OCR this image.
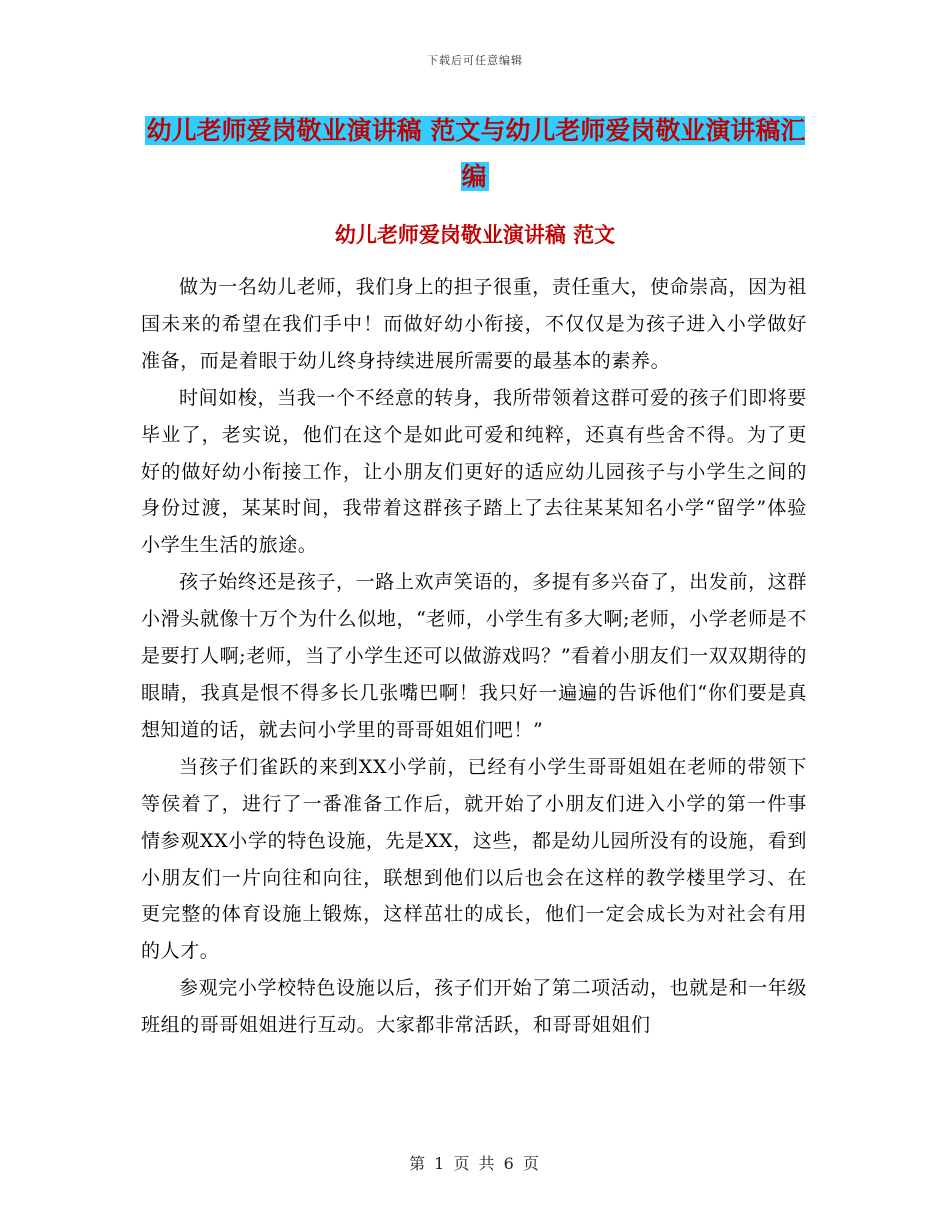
下载后可任意编辑
幼儿老师爱岗敬业演讲稿 范文与幼儿老师爱岗敬业演讲稿汇编
幼儿老师爱岗敬业演讲稿 范文

做为一名幼儿老师，我们身上的担子很重，责任重大，使命崇高，因为祖国未来的希望在我们手中！而做好幼小衔接，不仅仅是为孩子进入小学做好准备，而是着眼于幼儿终身持续进展所需要的最基本的素养。

时间如梭，当我一个不经意的转身，我所带领着这群可爱的孩子们即将要毕业了，老实说，他们在这个是如此可爱和纯粹，还真有些舍不得。为了更好的做好幼小衔接工作，让小朋友们更好的适应幼儿园孩子与小学生之间的身份过渡，某某时间，我带着这群孩子踏上了去往某某知名小学“留学”体验小学生生活的旅途。

孩子始终还是孩子，一路上欢声笑语的，多提有多兴奋了，出发前，这群小滑头就像十万个为什么似地，“老师，小学生有多大啊;老师，小学老师是不是要打人啊;老师，当了小学生还可以做游戏吗？”看着小朋友们一双双期待的眼睛，我真是恨不得多长几张嘴巴啊！我只好一遍遍的告诉他们“你们要是真想知道的话，就去问小学里的哥哥姐姐们吧！”

当孩子们雀跃的来到XX小学前，已经有小学生哥哥姐姐在老师的带领下等侯着了，进行了一番准备工作后，就开始了小朋友们进入小学的第一件事情参观XX小学的特色设施，先是XX，这些，都是幼儿园所没有的设施，看到小朋友们一片向往和向往，联想到他们以后也会在这样的教学楼里学习、在更完整的体育设施上锻炼，这样茁壮的成长，他们一定会成长为对社会有用的人才。

参观完小学校特色设施以后，孩子们开始了第二项活动，也就是和一年级班组的哥哥姐姐进行互动。大家都非常活跃，和哥哥姐姐们

第 1 页 共 6 页
